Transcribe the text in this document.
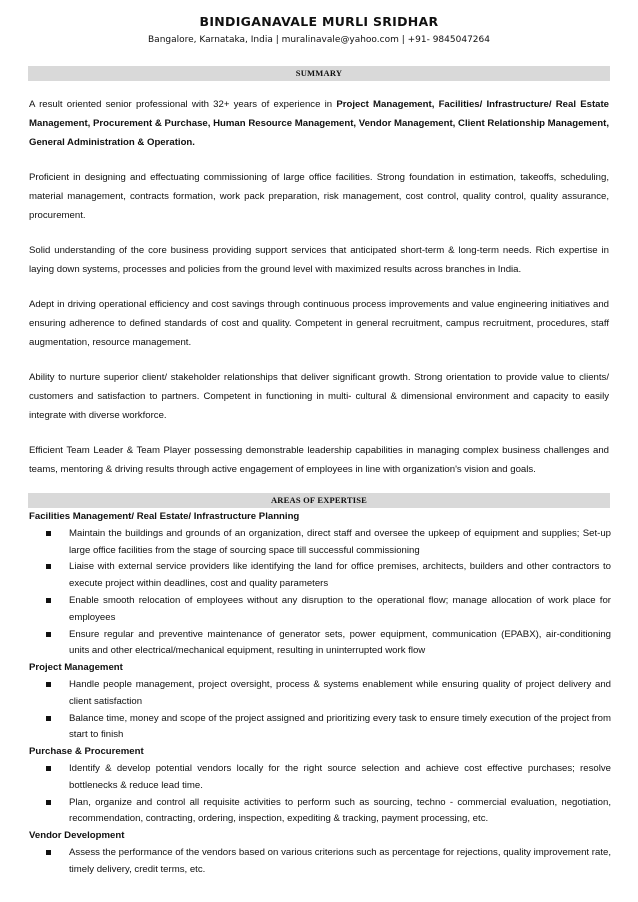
BINDIGANAVALE MURLI SRIDHAR
Bangalore, Karnataka, India | muralinavale@yahoo.com | +91- 9845047264
SUMMARY

A result oriented senior professional with 32+ years of experience in Project Management, Facilities/ Infrastructure/ Real Estate Management, Procurement & Purchase, Human Resource Management, Vendor Management, Client Relationship Management, General Administration & Operation.

Proficient in designing and effectuating commissioning of large office facilities. Strong foundation in estimation, takeoffs, scheduling, material management, contracts formation, work pack preparation, risk management, cost control, quality control, quality assurance, procurement.

Solid understanding of the core business providing support services that anticipated short-term & long-term needs. Rich expertise in laying down systems, processes and policies from the ground level with maximized results across branches in India.

Adept in driving operational efficiency and cost savings through continuous process improvements and value engineering initiatives and ensuring adherence to defined standards of cost and quality. Competent in general recruitment, campus recruitment, procedures, staff augmentation, resource management.

Ability to nurture superior client/ stakeholder relationships that deliver significant growth. Strong orientation to provide value to clients/ customers and satisfaction to partners. Competent in functioning in multi- cultural & dimensional environment and capacity to easily integrate with diverse workforce.

Efficient Team Leader & Team Player possessing demonstrable leadership capabilities in managing complex business challenges and teams, mentoring & driving results through active engagement of employees in line with organization's vision and goals.

AREAS OF EXPERTISE
Facilities Management/ Real Estate/ Infrastructure Planning
Maintain the buildings and grounds of an organization, direct staff and oversee the upkeep of equipment and supplies; Set-up large office facilities from the stage of sourcing space till successful commissioning
Liaise with external service providers like identifying the land for office premises, architects, builders and other contractors to execute project within deadlines, cost and quality parameters
Enable smooth relocation of employees without any disruption to the operational flow; manage allocation of work place for employees
Ensure regular and preventive maintenance of generator sets, power equipment, communication (EPABX), air-conditioning units and other electrical/mechanical equipment, resulting in uninterrupted work flow
Project Management
Handle people management, project oversight, process & systems enablement while ensuring quality of project delivery and client satisfaction
Balance time, money and scope of the project assigned and prioritizing every task to ensure timely execution of the project from start to finish
Purchase & Procurement
Identify & develop potential vendors locally for the right source selection and achieve cost effective purchases; resolve bottlenecks & reduce lead time.
Plan, organize and control all requisite activities to perform such as sourcing, techno - commercial evaluation, negotiation, recommendation, contracting, ordering, inspection, expediting & tracking, payment processing, etc.
Vendor Development
Assess the performance of the vendors based on various criterions such as percentage for rejections, quality improvement rate, timely delivery, credit terms, etc.
